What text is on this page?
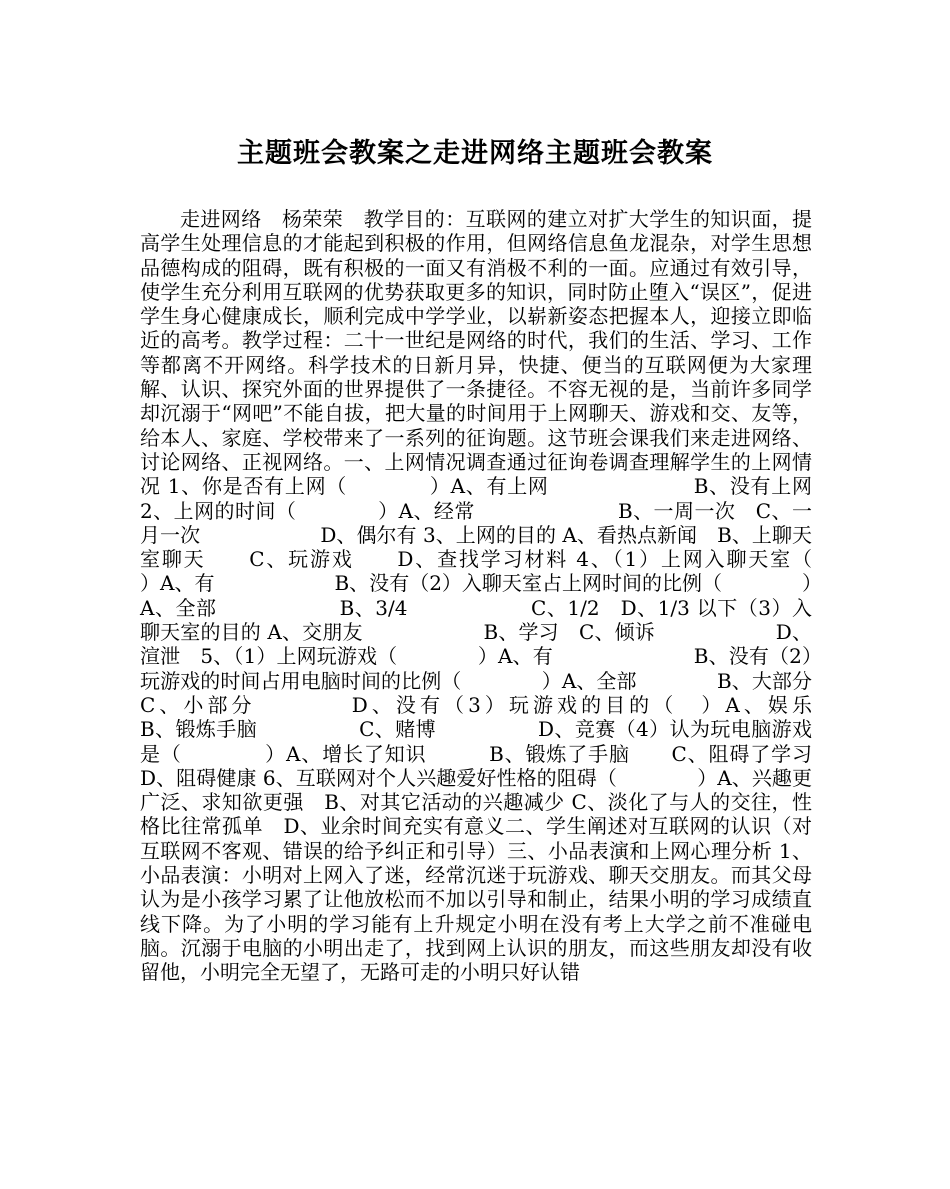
主题班会教案之走进网络主题班会教案
走进网络　杨荣荣　教学目的：互联网的建立对扩大学生的知识面，提高学生处理信息的才能起到积极的作用，但网络信息鱼龙混杂，对学生思想品德构成的阻碍，既有积极的一面又有消极不利的一面。应通过有效引导，使学生充分利用互联网的优势获取更多的知识，同时防止堕入“误区”，促进学生身心健康成长，顺利完成中学学业，以崭新姿态把握本人，迎接立即临近的高考。教学过程：二十一世纪是网络的时代，我们的生活、学习、工作等都离不开网络。科学技术的日新月异，快捷、便当的互联网便为大家理解、认识、探究外面的世界提供了一条捷径。不容无视的是，当前许多同学却沉溺于“网吧”不能自拔，把大量的时间用于上网聊天、游戏和交、友等，给本人、家庭、学校带来了一系列的征询题。这节班会课我们来走进网络、讨论网络、正视网络。一、上网情况调查通过征询卷调查理解学生的上网情况 1、你是否有上网（　　　　）A、有上网　　　　　　　B、没有上网 2、上网的时间（　　　　）A、经常　　　　　　　B、一周一次　C、一月一次　　　　　　D、偶尔有 3、上网的目的 A、看热点新闻　B、上聊天室聊天　　C、玩游戏　　D、查找学习材料 4、（1）上网入聊天室（　　　　）A、有　　　　　　B、没有（2）入聊天室占上网时间的比例（　　　　）A、全部　　　　　　B、3/4　　　　　　C、1/2　D、1/3 以下（3）入聊天室的目的 A、交朋友　　　　　　B、学习　C、倾诉　　　　　　D、渲泄　5、（1）上网玩游戏（　　　　）A、有　　　　　　　B、没有（2）玩游戏的时间占用电脑时间的比例（　　　　）A、全部　　　　B、大部分　　　　C、小部分　　　　D、没有（3）玩游戏的目的（　）A、娱乐　　　　　B、锻炼手脑　　　　　C、赌博　　　　　D、竞赛（4）认为玩电脑游戏是（　　　　）A、增长了知识　　　B、锻炼了手脑　　C、阻碍了学习　　D、阻碍健康 6、互联网对个人兴趣爱好性格的阻碍（　　　　）A、兴趣更广泛、求知欲更强　B、对其它活动的兴趣减少 C、淡化了与人的交往，性格比往常孤单　D、业余时间充实有意义二、学生阐述对互联网的认识（对互联网不客观、错误的给予纠正和引导）三、小品表演和上网心理分析 1、小品表演：小明对上网入了迷，经常沉迷于玩游戏、聊天交朋友。而其父母认为是小孩学习累了让他放松而不加以引导和制止，结果小明的学习成绩直线下降。为了小明的学习能有上升规定小明在没有考上大学之前不准碰电脑。沉溺于电脑的小明出走了，找到网上认识的朋友，而这些朋友却没有收留他，小明完全无望了，无路可走的小明只好认错
